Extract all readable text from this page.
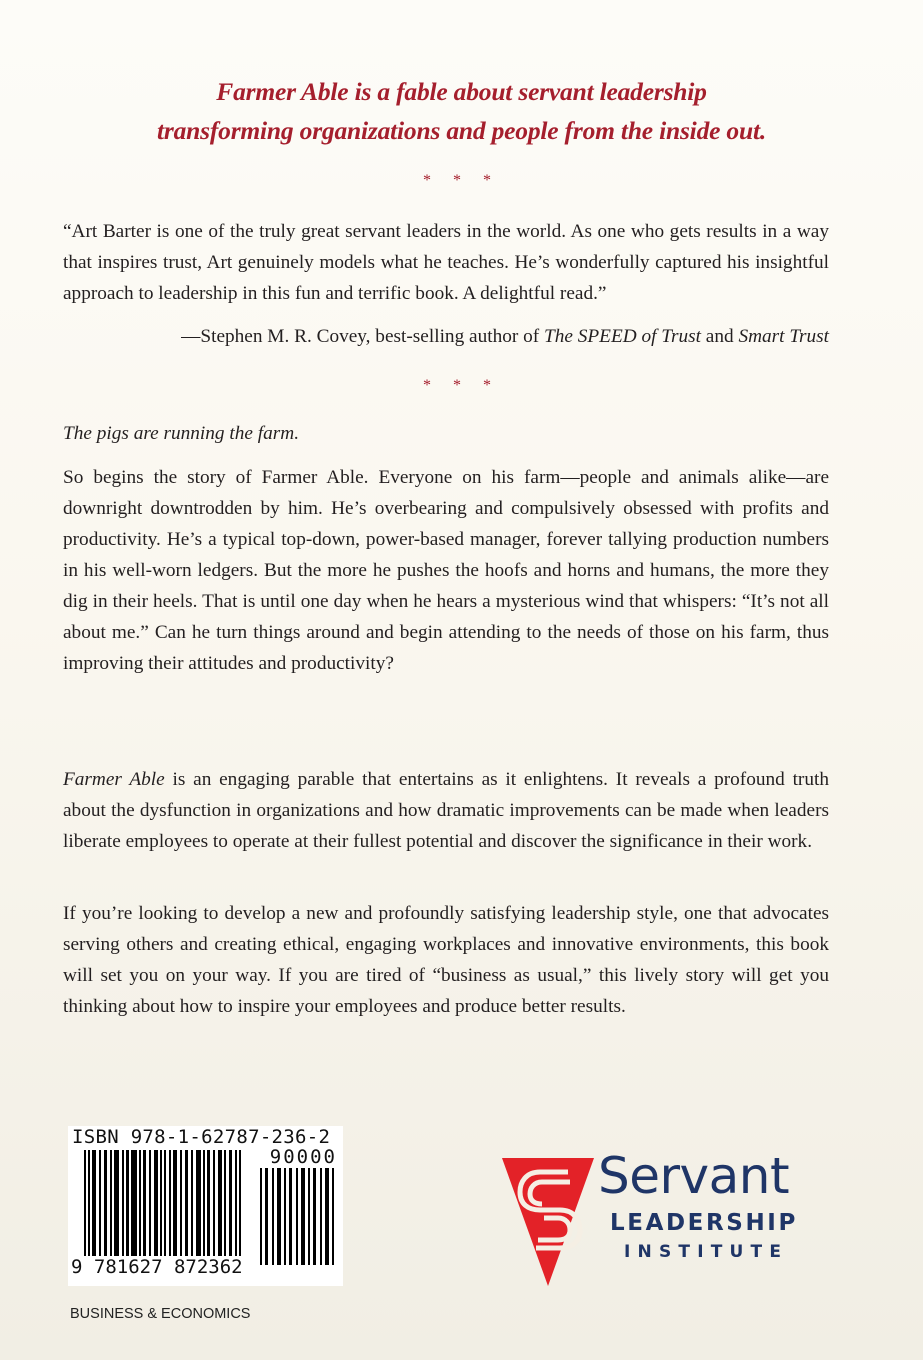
Farmer Able is a fable about servant leadership
transforming organizations and people from the inside out.
* * *
“Art Barter is one of the truly great servant leaders in the world. As one who gets results in a way that inspires trust, Art genuinely models what he teaches. He’s wonderfully captured his insightful approach to leadership in this fun and terrific book. A delightful read.”
—Stephen M. R. Covey, best-selling author of The SPEED of Trust and Smart Trust
* * *
The pigs are running the farm.
So begins the story of Farmer Able. Everyone on his farm—people and animals alike—are downright downtrodden by him. He’s overbearing and compulsively obsessed with profits and productivity. He’s a typical top-down, power-based manager, forever tallying production numbers in his well-worn ledgers. But the more he pushes the hoofs and horns and humans, the more they dig in their heels. That is until one day when he hears a mysterious wind that whispers: “It’s not all about me.” Can he turn things around and begin attending to the needs of those on his farm, thus improving their attitudes and productivity?
Farmer Able is an engaging parable that entertains as it enlightens. It reveals a profound truth about the dysfunction in organizations and how dramatic improvements can be made when leaders liberate employees to operate at their fullest potential and discover the significance in their work.
If you’re looking to develop a new and profoundly satisfying leadership style, one that advocates serving others and creating ethical, engaging workplaces and innovative environments, this book will set you on your way. If you are tired of “business as usual,” this lively story will get you thinking about how to inspire your employees and produce better results.
ISBN 978-1-62787-236-2
90000
9 781627 872362
Servant
LEADERSHIP
INSTITUTE
BUSINESS & ECONOMICS
